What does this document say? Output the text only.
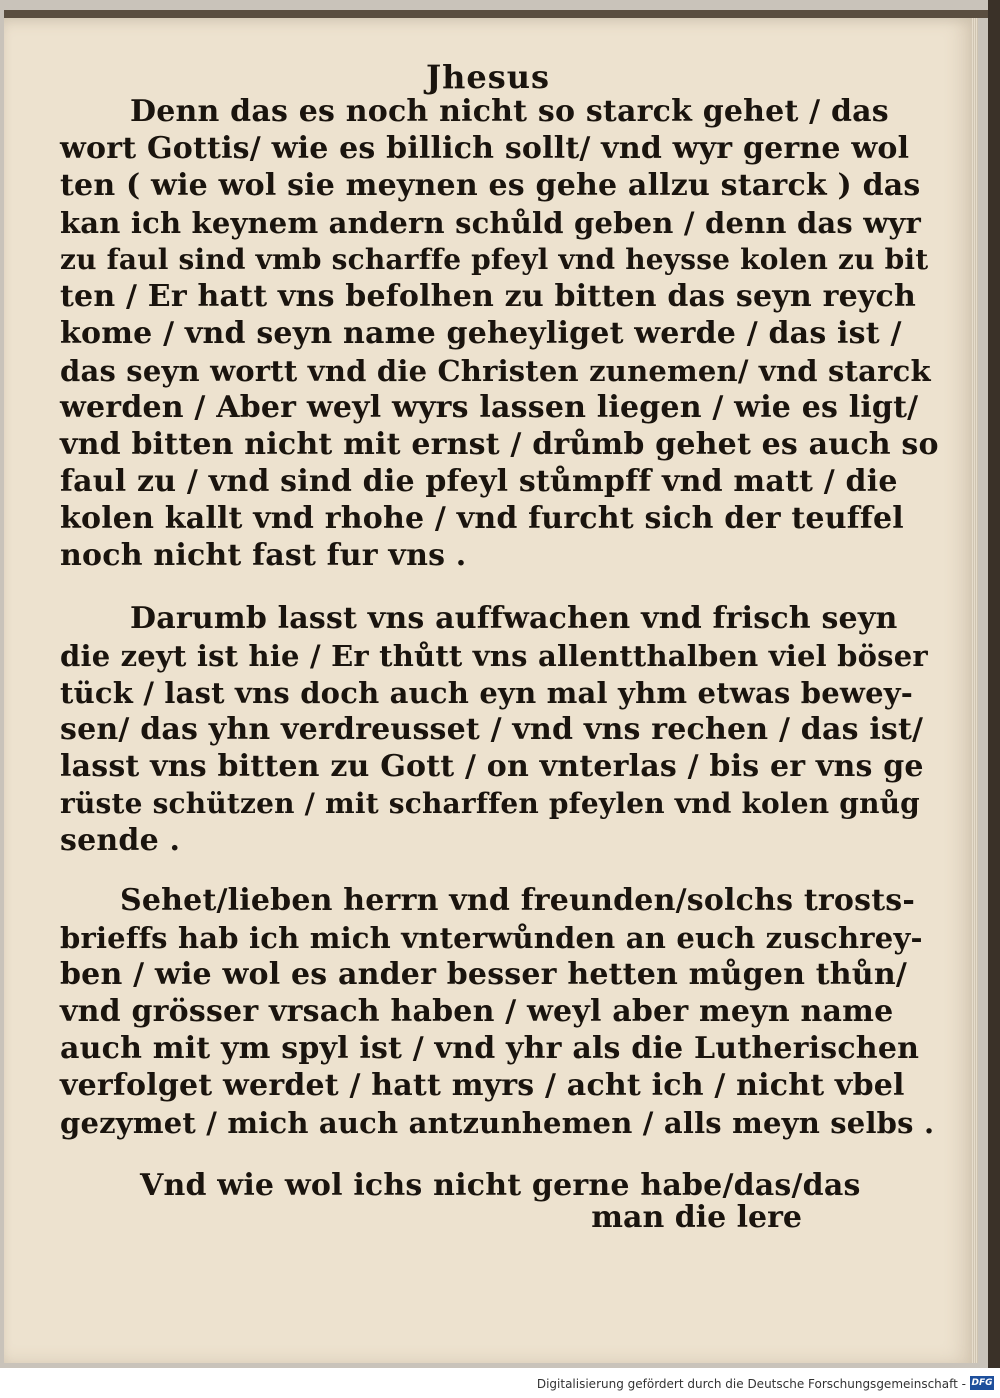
Jhesus

Denn das es noch nicht so starck gehet / das

wort Gottis/ wie es billich sollt/ vnd wyr gerne wol

ten ( wie wol sie meynen es gehe allzu starck ) das

kan ich keynem andern schůld geben / denn das wyr

zu faul sind vmb scharffe pfeyl vnd heysse kolen zu bit

ten / Er hatt vns befolhen zu bitten das seyn reych

kome / vnd seyn name geheyliget werde / das ist /

das seyn wortt vnd die Christen zunemen/ vnd starck

werden / Aber weyl wyrs lassen liegen / wie es ligt/

vnd bitten nicht mit ernst / drůmb gehet es auch so

faul zu / vnd sind die pfeyl stůmpff vnd matt / die

kolen kallt vnd rhohe / vnd furcht sich der teuffel

noch nicht fast fur vns .

Darumb lasst vns auffwachen vnd frisch seyn

die zeyt ist hie / Er thůtt vns allentthalben viel böser

tück / last vns doch auch eyn mal yhm etwas bewey-

sen/ das yhn verdreusset / vnd vns rechen / das ist/

lasst vns bitten zu Gott / on vnterlas / bis er vns ge

rüste schützen / mit scharffen pfeylen vnd kolen gnůg

sende .

Sehet/lieben herrn vnd freunden/solchs trosts-

brieffs hab ich mich vnterwůnden an euch zuschrey-

ben / wie wol es ander besser hetten můgen thůn/

vnd grösser vrsach haben / weyl aber meyn name

auch mit ym spyl ist / vnd yhr als die Lutherischen

verfolget werdet / hatt myrs / acht ich / nicht vbel

gezymet / mich auch antzunhemen / alls meyn selbs .

Vnd wie wol ichs nicht gerne habe/das/das

man die lere

Digitalisierung gefördert durch die Deutsche Forschungsgemeinschaft - DFG
